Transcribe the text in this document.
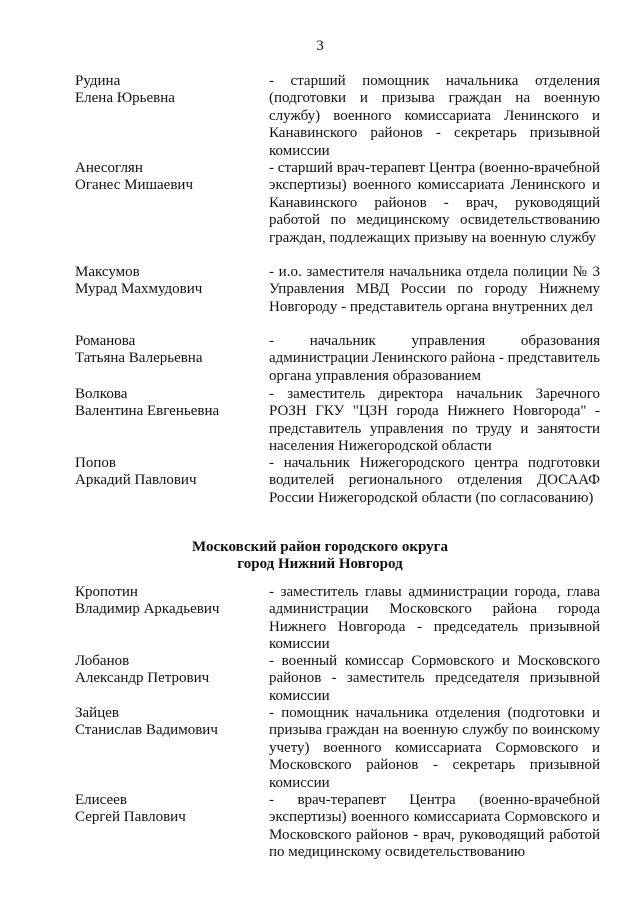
3
Рудина
Елена Юрьевна
- старший помощник начальника отделения (подготовки и призыва граждан на военную службу) военного комиссариата Ленинского и Канавинского районов - секретарь призывной комиссии
Анесоглян
Оганес Мишаевич
- старший врач-терапевт Центра (военно-врачебной экспертизы) военного комиссариата Ленинского и Канавинского районов - врач, руководящий работой по медицинскому освидетельствованию граждан, подлежащих призыву на военную службу
Максумов
Мурад Махмудович
- и.о. заместителя начальника отдела полиции № 3 Управления МВД России по городу Нижнему Новгороду - представитель органа внутренних дел
Романова
Татьяна Валерьевна
- начальник управления образования администрации Ленинского района - представитель органа управления образованием
Волкова
Валентина Евгеньевна
- заместитель директора начальник Заречного РОЗН ГКУ "ЦЗН города Нижнего Новгорода" - представитель управления по труду и занятости населения Нижегородской области
Попов
Аркадий Павлович
- начальник Нижегородского центра подготовки водителей регионального отделения ДОСААФ России Нижегородской области (по согласованию)
Московский район городского округа
город Нижний Новгород
Кропотин
Владимир Аркадьевич
- заместитель главы администрации города, глава администрации Московского района города Нижнего Новгорода - председатель призывной комиссии
Лобанов
Александр Петрович
- военный комиссар Сормовского и Московского районов - заместитель председателя призывной комиссии
Зайцев
Станислав Вадимович
- помощник начальника отделения (подготовки и призыва граждан на военную службу по воинскому учету) военного комиссариата Сормовского и Московского районов - секретарь призывной комиссии
Елисеев
Сергей Павлович
- врач-терапевт Центра (военно-врачебной экспертизы) военного комиссариата Сормовского и Московского районов - врач, руководящий работой по медицинскому освидетельствованию
